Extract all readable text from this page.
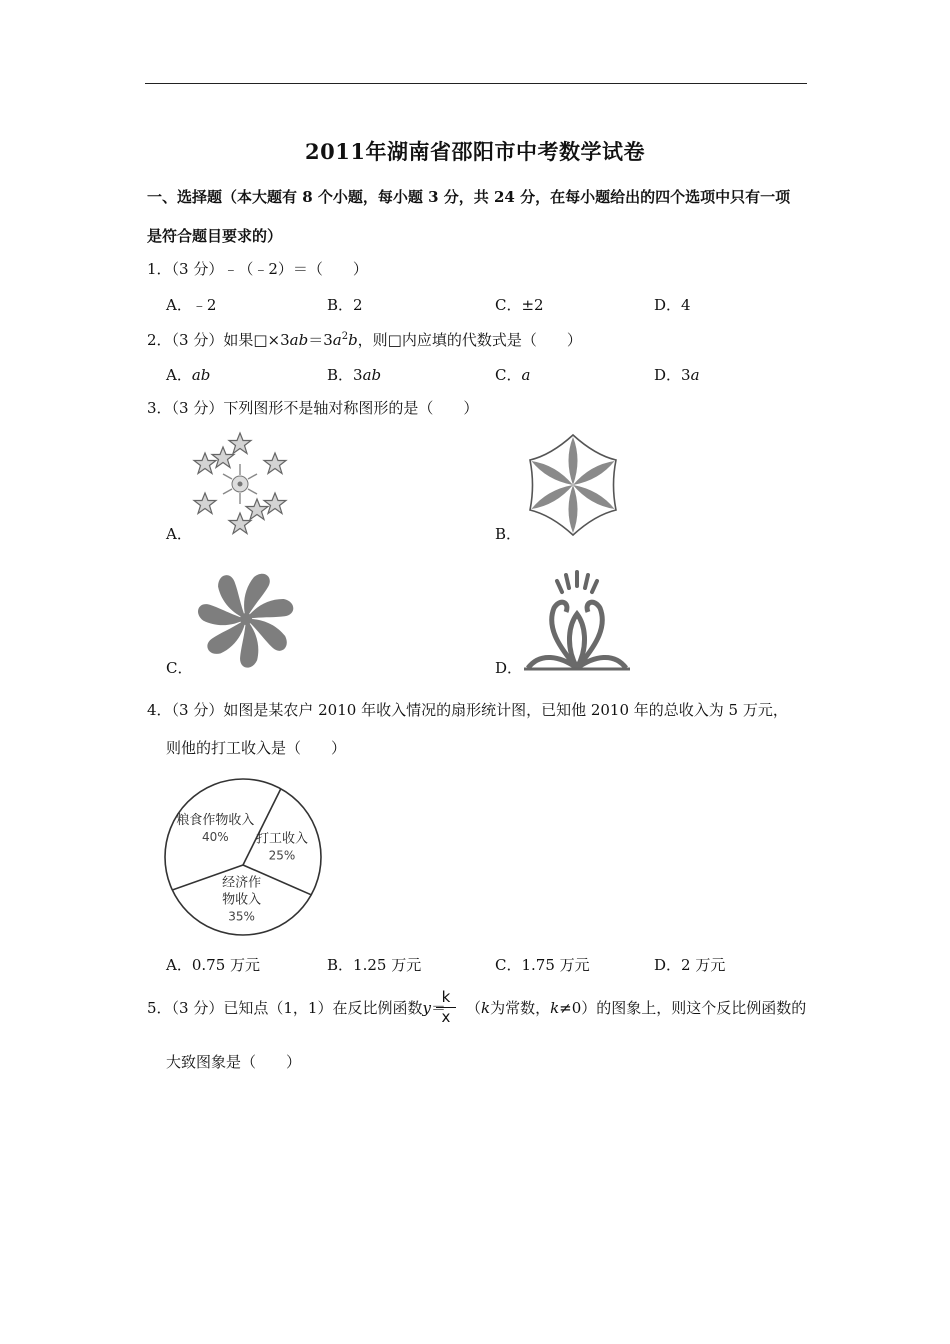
2011年湖南省邵阳市中考数学试卷
一、选择题（本大题有 8 个小题，每小题 3 分，共 24 分，在每小题给出的四个选项中只有一项
是符合题目要求的）
1．（3 分）﹣（﹣2）＝（　　）
A．﹣2	B．2	C．±2	D．4
2．（3 分）如果$□\times 3ab=3a^2b$，则□内应填的代数式是（　　）
A．ab	B．3ab	C．a	D．3a
3．（3 分）下列图形不是轴对称图形的是（　　）
A．	B．
C．	D．
4．（3 分）如图是某农户 2010 年收入情况的扇形统计图，已知他 2010 年的总收入为 5 万元，
则他的打工收入是（　　）
粮食作物收入
40% 打工收入
25%
经济作
物收入
35%
A．0.75 万元	B．1.25 万元	C．1.75 万元	D．2 万元
5．（3 分）已知点（1，1）在反比例函数y＝ （k为常数，k≠0）的图象上，则这个反比例函数的
$\frac{k}{x}$
大致图象是（　　）
